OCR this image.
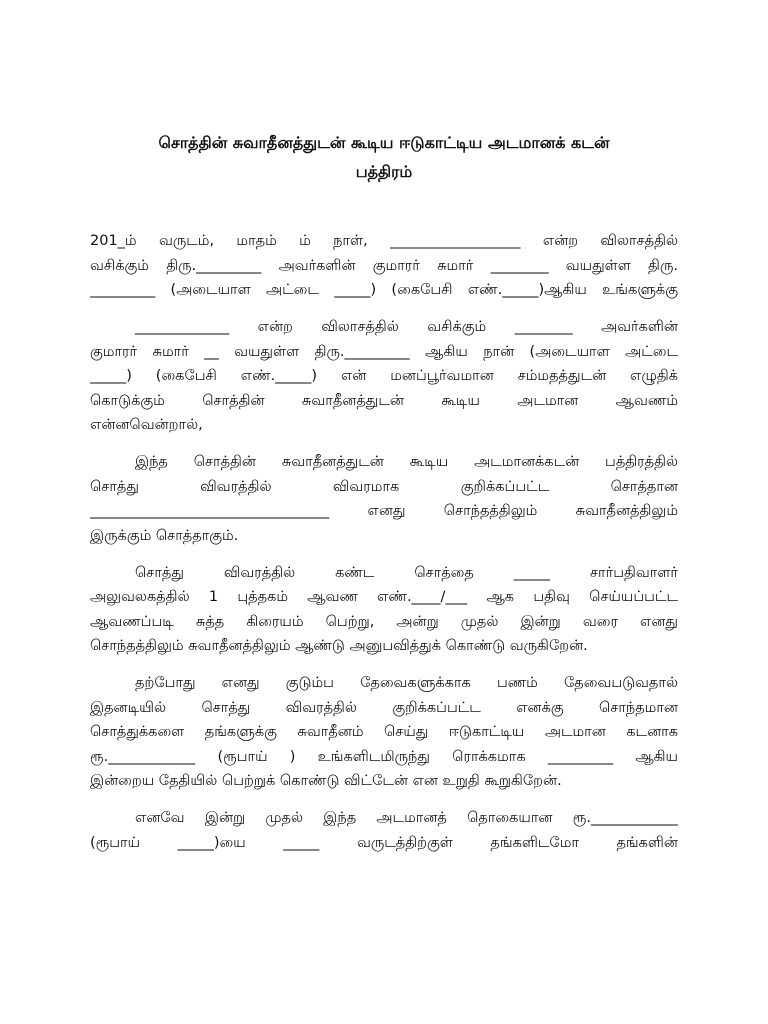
சொத்தின் சுவாதீனத்துடன் கூடிய ஈடுகாட்டிய அடமானக் கடன்
பத்திரம்
201_ம் வருடம், மாதம் ம் நாள், __________________ என்ற விலாசத்தில்
வசிக்கும் திரு._________ அவர்களின் குமாரர் சுமார் ________ வயதுள்ள திரு.
_________ (அடையாள அட்டை _____) (கைபேசி எண்._____)ஆகிய உங்களுக்கு
_____________ என்ற விலாசத்தில் வசிக்கும் ________ அவர்களின்
குமாரர் சுமார் __ வயதுள்ள திரு._________ ஆகிய நான் (அடையாள அட்டை
_____) (கைபேசி எண்._____) என் மனப்பூர்வமான சம்மதத்துடன் எழுதிக்
கொடுக்கும் சொத்தின் சுவாதீனத்துடன் கூடிய அடமான ஆவணம்
என்னவென்றால்,
இந்த சொத்தின் சுவாதீனத்துடன் கூடிய அடமானக்கடன் பத்திரத்தில்
சொத்து விவரத்தில் விவரமாக குறிக்கப்பட்ட சொத்தான
_________________________________ எனது சொந்தத்திலும் சுவாதீனத்திலும்
இருக்கும் சொத்தாகும்.
சொத்து விவரத்தில் கண்ட சொத்தை _____ சார்பதிவாளர்
அலுவலகத்தில் 1 புத்தகம் ஆவண எண்.____/___ ஆக பதிவு செய்யப்பட்ட
ஆவணப்படி சுத்த கிரையம் பெற்று, அன்று முதல் இன்று வரை எனது
சொந்தத்திலும் சுவாதீனத்திலும் ஆண்டு அனுபவித்துக் கொண்டு வருகிறேன்.
தற்போது எனது குடும்ப தேவைகளுக்காக பணம் தேவைபடுவதால்
இதனடியில் சொத்து விவரத்தில் குறிக்கப்பட்ட எனக்கு சொந்தமான
சொத்துக்களை தங்களுக்கு சுவாதீனம் செய்து ஈடுகாட்டிய அடமான கடனாக
ரூ.____________ (ரூபாய் ) உங்களிடமிருந்து ரொக்கமாக _________ ஆகிய
இன்றைய தேதியில் பெற்றுக் கொண்டு விட்டேன் என உறுதி கூறுகிறேன்.
எனவே இன்று முதல் இந்த அடமானத் தொகையான ரூ.____________
(ரூபாய் _____)யை _____ வருடத்திற்குள் தங்களிடமோ தங்களின்
